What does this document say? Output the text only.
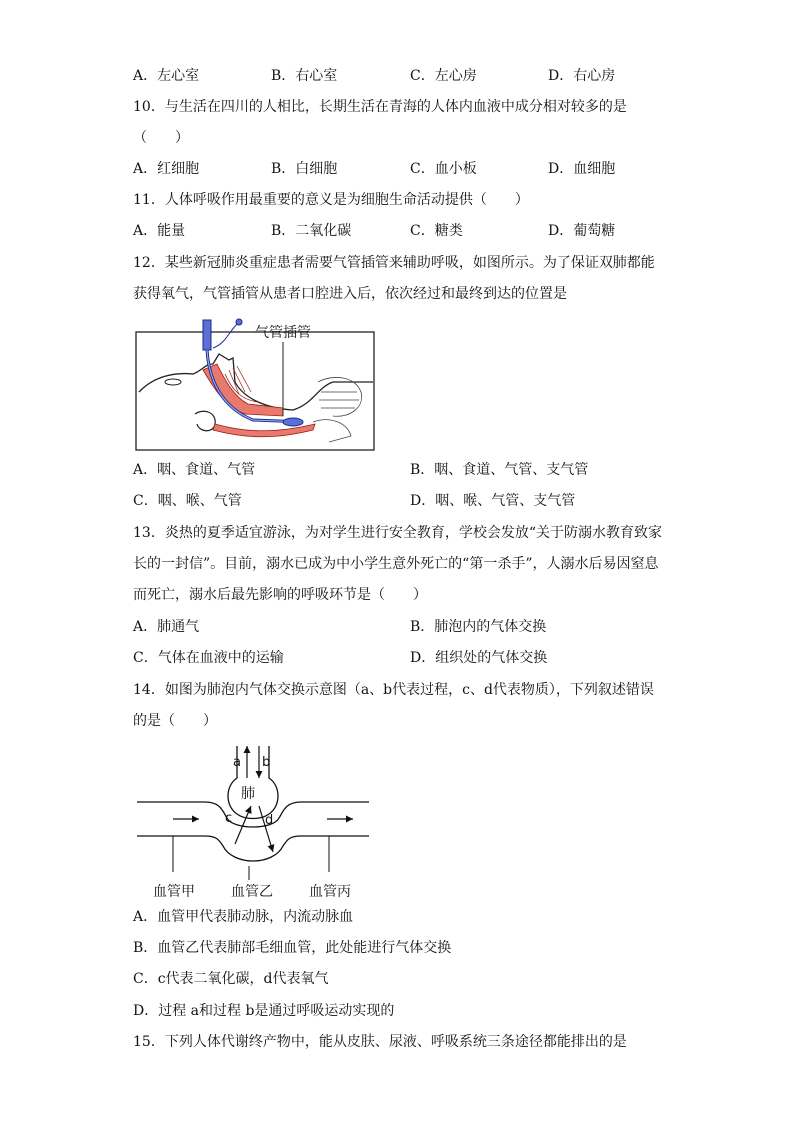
A．左心室	B．右心室	C．左心房	D．右心房
10．与生活在四川的人相比，长期生活在青海的人体内血液中成分相对较多的是
（　　）
A．红细胞	B．白细胞	C．血小板	D．血细胞
11．人体呼吸作用最重要的意义是为细胞生命活动提供（　　）
A．能量	B．二氧化碳	C．糖类	D．葡萄糖
12．某些新冠肺炎重症患者需要气管插管来辅助呼吸，如图所示。为了保证双肺都能
获得氧气，气管插管从患者口腔进入后，依次经过和最终到达的位置是
气管插管
A．咽、食道、气管	B．咽、食道、气管、支气管
C．咽、喉、气管	D．咽、喉、气管、支气管
13．炎热的夏季适宜游泳，为对学生进行安全教育，学校会发放“关于防溺水教育致家
长的一封信”。目前，溺水已成为中小学生意外死亡的“第一杀手”，人溺水后易因窒息
而死亡，溺水后最先影响的呼吸环节是（　　）
A．肺通气	B．肺泡内的气体交换
C．气体在血液中的运输	D．组织处的气体交换
14．如图为肺泡内气体交换示意图（a、b代表过程，c、d代表物质），下列叙述错误
的是（　　）
a b
肺
c	d
血管甲	血管乙	血管丙
A．血管甲代表肺动脉，内流动脉血
B．血管乙代表肺部毛细血管，此处能进行气体交换
C．c代表二氧化碳，d代表氧气
D．过程 a和过程 b是通过呼吸运动实现的
15．下列人体代谢终产物中，能从皮肤、尿液、呼吸系统三条途径都能排出的是
